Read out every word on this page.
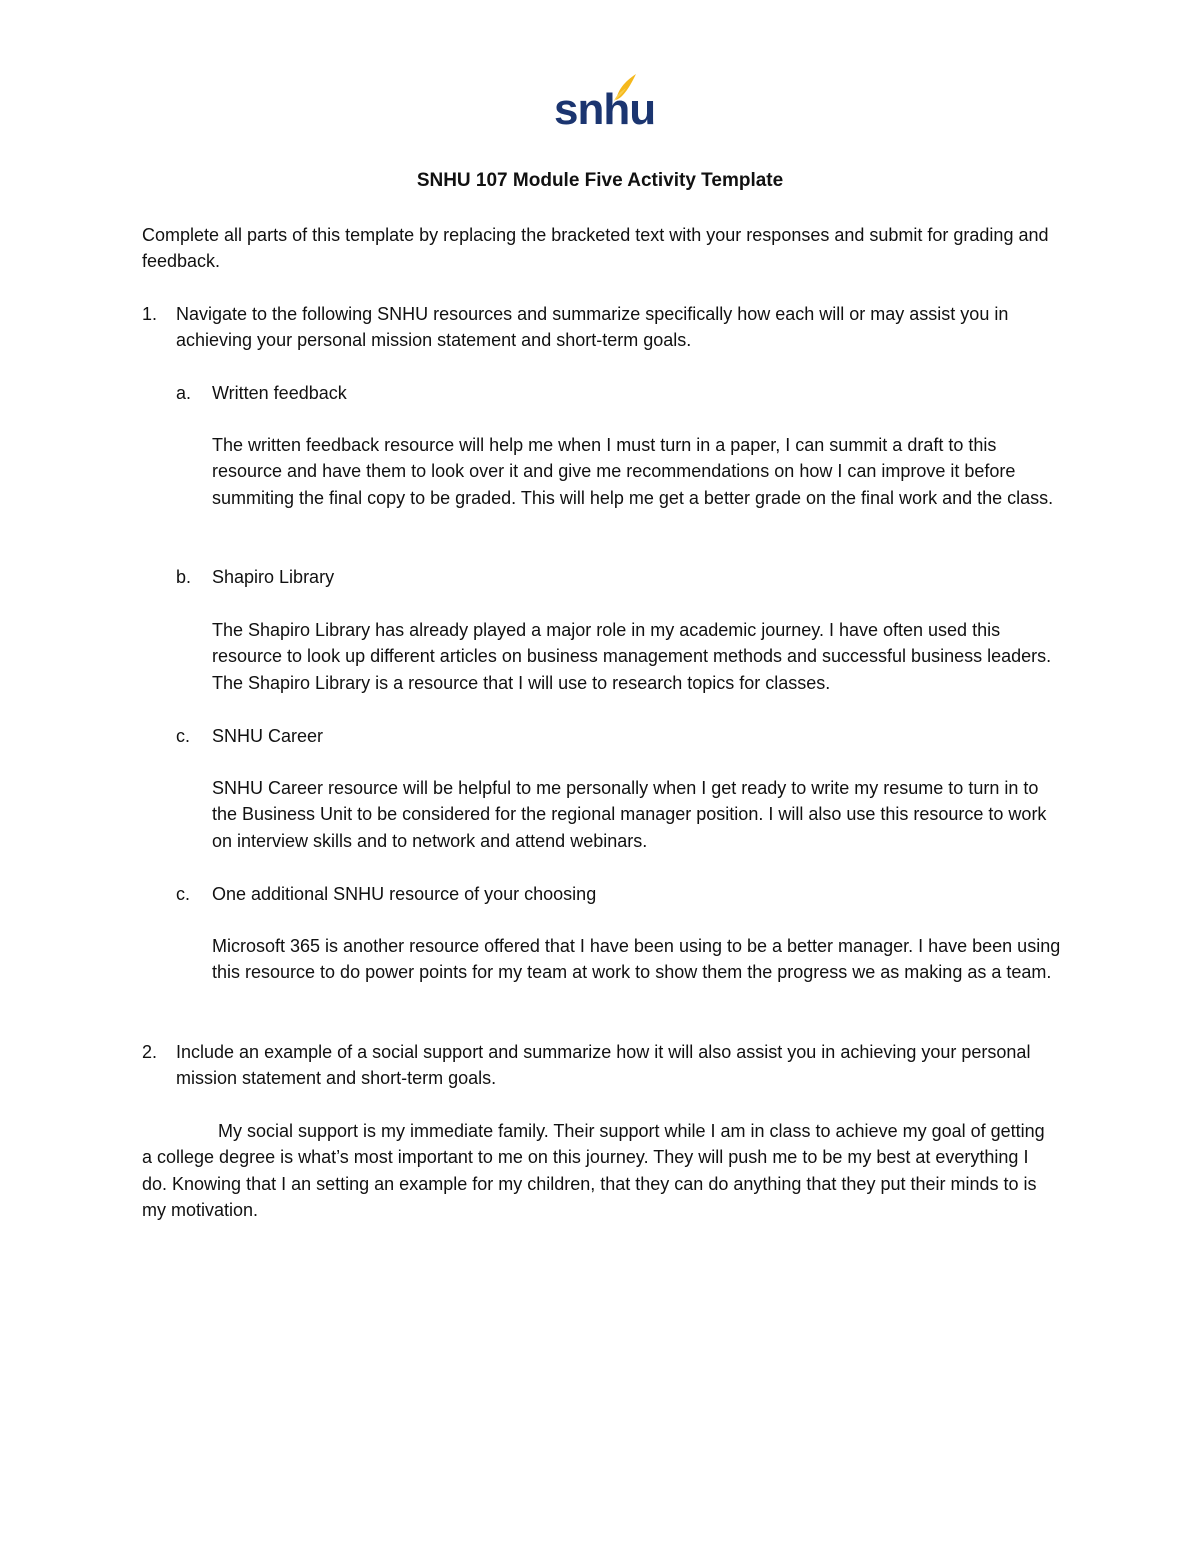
snhu
SNHU 107 Module Five Activity Template

Complete all parts of this template by replacing the bracketed text with your responses and submit for grading and feedback.

1. Navigate to the following SNHU resources and summarize specifically how each will or may assist you in achieving your personal mission statement and short-term goals.

a. Written feedback

The written feedback resource will help me when I must turn in a paper, I can summit a draft to this resource and have them to look over it and give me recommendations on how I can improve it before summiting the final copy to be graded. This will help me get a better grade on the final work and the class.

b. Shapiro Library

The Shapiro Library has already played a major role in my academic journey. I have often used this resource to look up different articles on business management methods and successful business leaders. The Shapiro Library is a resource that I will use to research topics for classes.

c. SNHU Career

SNHU Career resource will be helpful to me personally when I get ready to write my resume to turn in to the Business Unit to be considered for the regional manager position. I will also use this resource to work on interview skills and to network and attend webinars.

c. One additional SNHU resource of your choosing

Microsoft 365 is another resource offered that I have been using to be a better manager. I have been using this resource to do power points for my team at work to show them the progress we as making as a team.

2. Include an example of a social support and summarize how it will also assist you in achieving your personal mission statement and short-term goals.

My social support is my immediate family. Their support while I am in class to achieve my goal of getting a college degree is what’s most important to me on this journey. They will push me to be my best at everything I do. Knowing that I an setting an example for my children, that they can do anything that they put their minds to is my motivation.
